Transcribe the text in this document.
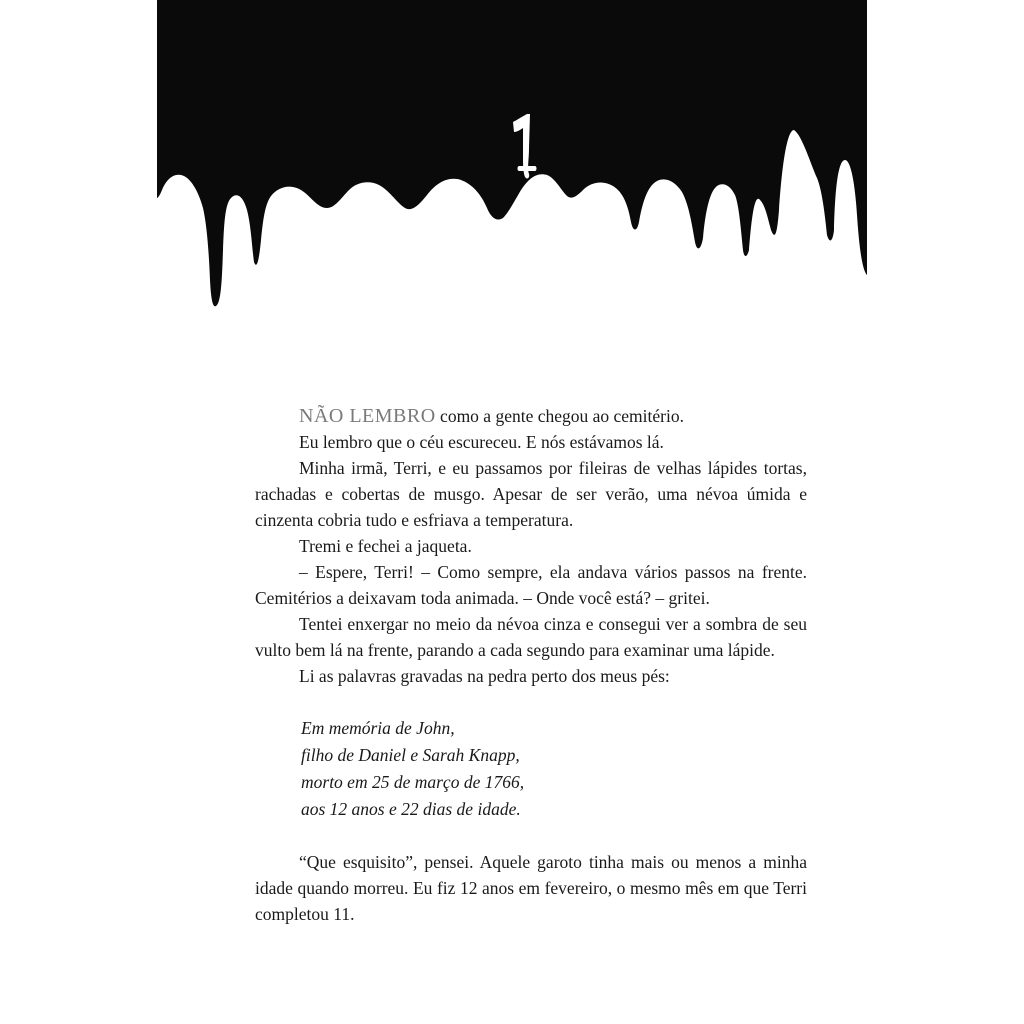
NÃO LEMBRO como a gente chegou ao cemitério.

Eu lembro que o céu escureceu. E nós estávamos lá.

Minha irmã, Terri, e eu passamos por fileiras de velhas lápides tortas, rachadas e cobertas de musgo. Apesar de ser verão, uma névoa úmida e cinzenta cobria tudo e esfriava a temperatura.

Tremi e fechei a jaqueta.

– Espere, Terri! – Como sempre, ela andava vários passos na frente. Cemitérios a deixavam toda animada. – Onde você está? – gritei.

Tentei enxergar no meio da névoa cinza e consegui ver a sombra de seu vulto bem lá na frente, parando a cada segundo para examinar uma lápide.

Li as palavras gravadas na pedra perto dos meus pés:

Em memória de John,
filho de Daniel e Sarah Knapp,
morto em 25 de março de 1766,
aos 12 anos e 22 dias de idade.

“Que esquisito”, pensei. Aquele garoto tinha mais ou menos a minha idade quando morreu. Eu fiz 12 anos em fevereiro, o mesmo mês em que Terri completou 11.
